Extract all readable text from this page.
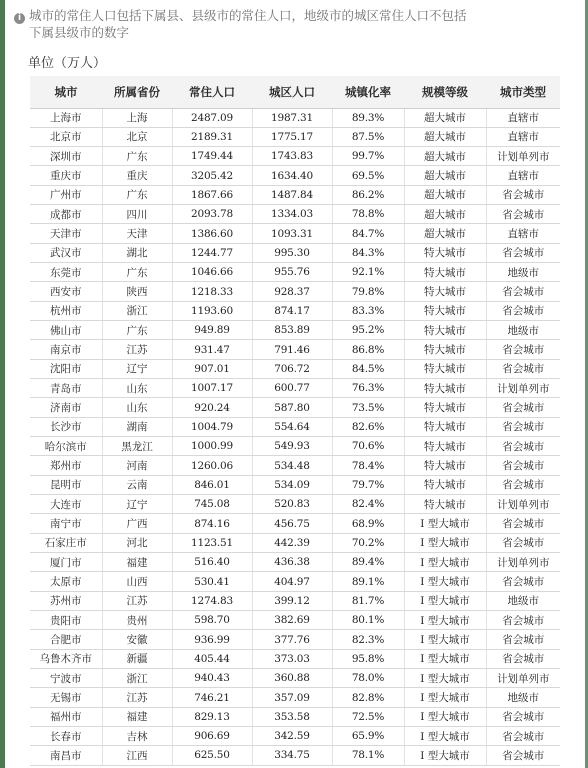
i 城市的常住人口包括下属县、县级市的常住人口，地级市的城区常住人口不包括
下属县级市的数字
单位（万人）
城市	所属省份	常住人口	城区人口	城镇化率	规模等级	城市类型
上海市	上海	2487.09	1987.31	89.3%	超大城市	直辖市
北京市	北京	2189.31	1775.17	87.5%	超大城市	直辖市
深圳市	广东	1749.44	1743.83	99.7%	超大城市	计划单列市
重庆市	重庆	3205.42	1634.40	69.5%	超大城市	直辖市
广州市	广东	1867.66	1487.84	86.2%	超大城市	省会城市
成都市	四川	2093.78	1334.03	78.8%	超大城市	省会城市
天津市	天津	1386.60	1093.31	84.7%	超大城市	直辖市
武汉市	湖北	1244.77	995.30	84.3%	特大城市	省会城市
东莞市	广东	1046.66	955.76	92.1%	特大城市	地级市
西安市	陕西	1218.33	928.37	79.8%	特大城市	省会城市
杭州市	浙江	1193.60	874.17	83.3%	特大城市	省会城市
佛山市	广东	949.89	853.89	95.2%	特大城市	地级市
南京市	江苏	931.47	791.46	86.8%	特大城市	省会城市
沈阳市	辽宁	907.01	706.72	84.5%	特大城市	省会城市
青岛市	山东	1007.17	600.77	76.3%	特大城市	计划单列市
济南市	山东	920.24	587.80	73.5%	特大城市	省会城市
长沙市	湖南	1004.79	554.64	82.6%	特大城市	省会城市
哈尔滨市	黑龙江	1000.99	549.93	70.6%	特大城市	省会城市
郑州市	河南	1260.06	534.48	78.4%	特大城市	省会城市
昆明市	云南	846.01	534.09	79.7%	特大城市	省会城市
大连市	辽宁	745.08	520.83	82.4%	特大城市	计划单列市
南宁市	广西	874.16	456.75	68.9%	I 型大城市	省会城市
石家庄市	河北	1123.51	442.39	70.2%	I 型大城市	省会城市
厦门市	福建	516.40	436.38	89.4%	I 型大城市	计划单列市
太原市	山西	530.41	404.97	89.1%	I 型大城市	省会城市
苏州市	江苏	1274.83	399.12	81.7%	I 型大城市	地级市
贵阳市	贵州	598.70	382.69	80.1%	I 型大城市	省会城市
合肥市	安徽	936.99	377.76	82.3%	I 型大城市	省会城市
乌鲁木齐市	新疆	405.44	373.03	95.8%	I 型大城市	省会城市
宁波市	浙江	940.43	360.88	78.0%	I 型大城市	计划单列市
无锡市	江苏	746.21	357.09	82.8%	I 型大城市	地级市
福州市	福建	829.13	353.58	72.5%	I 型大城市	省会城市
长春市	吉林	906.69	342.59	65.9%	I 型大城市	省会城市
南昌市	江西	625.50	334.75	78.1%	I 型大城市	省会城市
